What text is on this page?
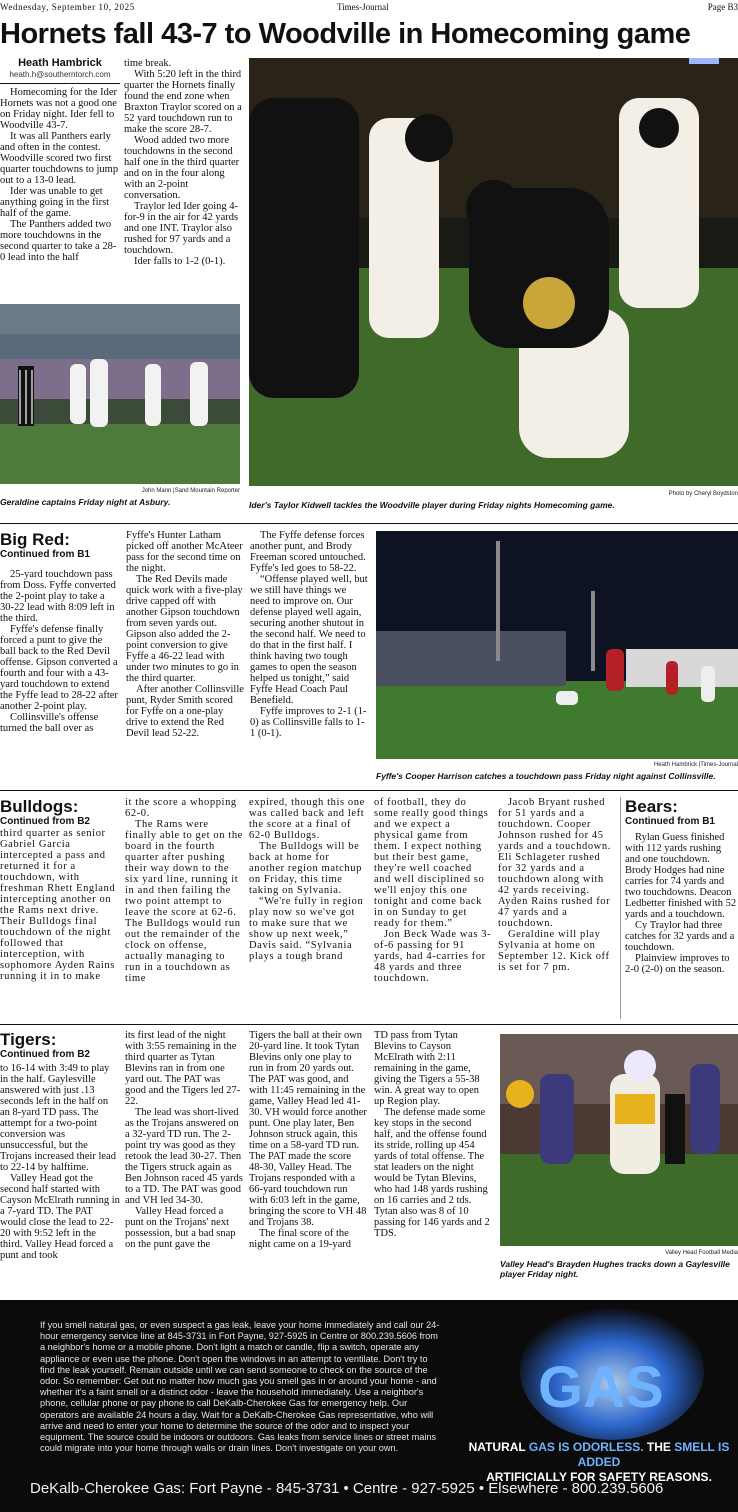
Wednesday, September 10, 2025	Times-Journal	Page B3
Hornets fall 43-7 to Woodville in Homecoming game
Heath Hambrick
heath.h@southerntorch.com

Homecoming for the Ider Hornets was not a good one on Friday night. Ider fell to Woodville 43-7.

It was all Panthers early and often in the contest. Woodville scored two first quarter touchdowns to jump out to a 13-0 lead.

Ider was unable to get anything going in the first half of the game.

The Panthers added two more touchdowns in the second quarter to take a 28-0 lead into the half

time break.

With 5:20 left in the third quarter the Hornets finally found the end zone when Braxton Traylor scored on a 52 yard touchdown run to make the score 28-7.

Wood added two more touchdowns in the second half one in the third quarter and on in the four along with an 2-point conversation.

Traylor led Ider going 4-for-9 in the air for 42 yards and one INT. Traylor also rushed for 97 yards and a touchdown.

Ider falls to 1-2 (0-1).

John Mann |Sand Mountain Reporter
Geraldine captains Friday night at Asbury.
Photo by Cheryl Boydston
Ider's Taylor Kidwell tackles the Woodville player during Friday nights Homecoming game.
Big Red:
Continued from B1

25-yard touchdown pass from Doss. Fyffe converted the 2-point play to take a 30-22 lead with 8:09 left in the third.

Fyffe's defense finally forced a punt to give the ball back to the Red Devil offense. Gipson converted a fourth and four with a 43-yard touchdown to extend the Fyffe lead to 28-22 after another 2-point play.

Collinsville's offense turned the ball over as

Fyffe's Hunter Latham picked off another McAteer pass for the second time on the night.

The Red Devils made quick work with a five-play drive capped off with another Gipson touchdown from seven yards out. Gipson also added the 2-point conversion to give Fyffe a 46-22 lead with under two minutes to go in the third quarter.

After another Collinsville punt, Ryder Smith scored for Fyffe on a one-play drive to extend the Red Devil lead 52-22.

The Fyffe defense forces another punt, and Brody Freeman scored untouched. Fyffe's led goes to 58-22.

“Offense played well, but we still have things we need to improve on. Our defense played well again, securing another shutout in the second half. We need to do that in the first half. I think having two tough games to open the season helped us tonight,” said Fyffe Head Coach Paul Benefield.

Fyffe improves to 2-1 (1-0) as Collinsville falls to 1-1 (0-1).

Heath Hambrick |Times-Journal
Fyffe's Cooper Harrison catches a touchdown pass Friday night against Collinsville.
Bulldogs:
Continued from B2

third quarter as senior Gabriel Garcia intercepted a pass and returned it for a touchdown, with freshman Rhett England intercepting another on the Rams next drive. Their Bulldogs final touchdown of the night followed that interception, with sophomore Ayden Rains running it in to make

it the score a whopping 62-0.

The Rams were finally able to get on the board in the fourth quarter after pushing their way down to the six yard line, running it in and then failing the two point attempt to leave the score at 62-6. The Bulldogs would run out the remainder of the clock on offense, actually managing to run in a touchdown as time

expired, though this one was called back and left the score at a final of 62-0 Bulldogs.

The Bulldogs will be back at home for another region matchup on Friday, this time taking on Sylvania.

“We're fully in region play now so we've got to make sure that we show up next week,” Davis said. “Sylvania plays a tough brand

of football, they do some really good things and we expect a physical game from them. I expect nothing but their best game, they're well coached and well disciplined so we'll enjoy this one tonight and come back in on Sunday to get ready for them.”

Jon Beck Wade was 3-of-6 passing for 91 yards, had 4-carries for 48 yards and three touchdown.

Jacob Bryant rushed for 51 yards and a touchdown. Cooper Johnson rushed for 45 yards and a touchdown. Eli Schlageter rushed for 32 yards and a touchdown along with 42 yards receiving. Ayden Rains rushed for 47 yards and a touchdown.

Geraldine will play Sylvania at home on September 12. Kick off is set for 7 pm.

Bears:
Continued from B1

Rylan Guess finished with 112 yards rushing and one touchdown. Brody Hodges had nine carries for 74 yards and two touchdowns. Deacon Ledbetter finished with 52 yards and a touchdown.

Cy Traylor had three catches for 32 yards and a touchdown.

Plainview improves to 2-0 (2-0) on the season.

Tigers:
Continued from B2

to 16-14 with 3:49 to play in the half. Gaylesville answered with just .13 seconds left in the half on an 8-yard TD pass. The attempt for a two-point conversion was unsuccessful, but the Trojans increased their lead to 22-14 by halftime.

Valley Head got the second half started with Cayson McElrath running in a 7-yard TD. The PAT would close the lead to 22-20 with 9:52 left in the third. Valley Head forced a punt and took

its first lead of the night with 3:55 remaining in the third quarter as Tytan Blevins ran in from one yard out. The PAT was good and the Tigers led 27-22.

The lead was short-lived as the Trojans answered on a 32-yard TD run. The 2-point try was good as they retook the lead 30-27. Then the Tigers struck again as Ben Johnson raced 45 yards to a TD. The PAT was good and VH led 34-30.

Valley Head forced a punt on the Trojans' next possession, but a bad snap on the punt gave the

Tigers the ball at their own 20-yard line. It took Tytan Blevins only one play to run in from 20 yards out. The PAT was good, and with 11:45 remaining in the game, Valley Head led 41-30. VH would force another punt. One play later, Ben Johnson struck again, this time on a 58-yard TD run. The PAT made the score 48-30, Valley Head. The Trojans responded with a 66-yard touchdown run with 6:03 left in the game, bringing the score to VH 48 and Trojans 38.

The final score of the night came on a 19-yard

TD pass from Tytan Blevins to Cayson McElrath with 2:11 remaining in the game, giving the Tigers a 55-38 win. A great way to open up Region play.

The defense made some key stops in the second half, and the offense found its stride, rolling up 454 yards of total offense. The stat leaders on the night would be Tytan Blevins, who had 148 yards rushing on 16 carries and 2 tds. Tytan also was 8 of 10 passing for 146 yards and 2 TDS.

Valley Head Football Media
Valley Head's Brayden Hughes tracks down a Gaylesville player Friday night.
If you smell natural gas, or even suspect a gas leak, leave your home immediately and call our 24-hour emergency service line at 845-3731 in Fort Payne, 927-5925 in Centre or 800.239.5606 from a neighbor's home or a mobile phone. Don't light a match or candle, flip a switch, operate any appliance or even use the phone. Don't open the windows in an attempt to ventilate. Don't try to find the leak yourself. Remain outside until we can send someone to check on the source of the odor. So remember: Get out no matter how much gas you smell gas in or around your home - and whether it's a faint smell or a distinct odor - leave the household immediately. Use a neighbor's phone, cellular phone or pay phone to call DeKalb-Cherokee Gas for emergency help. Our operators are available 24 hours a day. Wait for a DeKalb-Cherokee Gas representative, who will arrive and need to enter your home to determine the source of the odor and to inspect your equipment. The source could be indoors or outdoors. Gas leaks from service lines or street mains could migrate into your home through walls or drain lines. Don't investigate on your own.
GAS
NATURAL GAS IS ODORLESS. THE SMELL IS ADDED
ARTIFICIALLY FOR SAFETY REASONS.
DeKalb-Cherokee Gas: Fort Payne - 845-3731 • Centre - 927-5925 • Elsewhere - 800.239.5606
